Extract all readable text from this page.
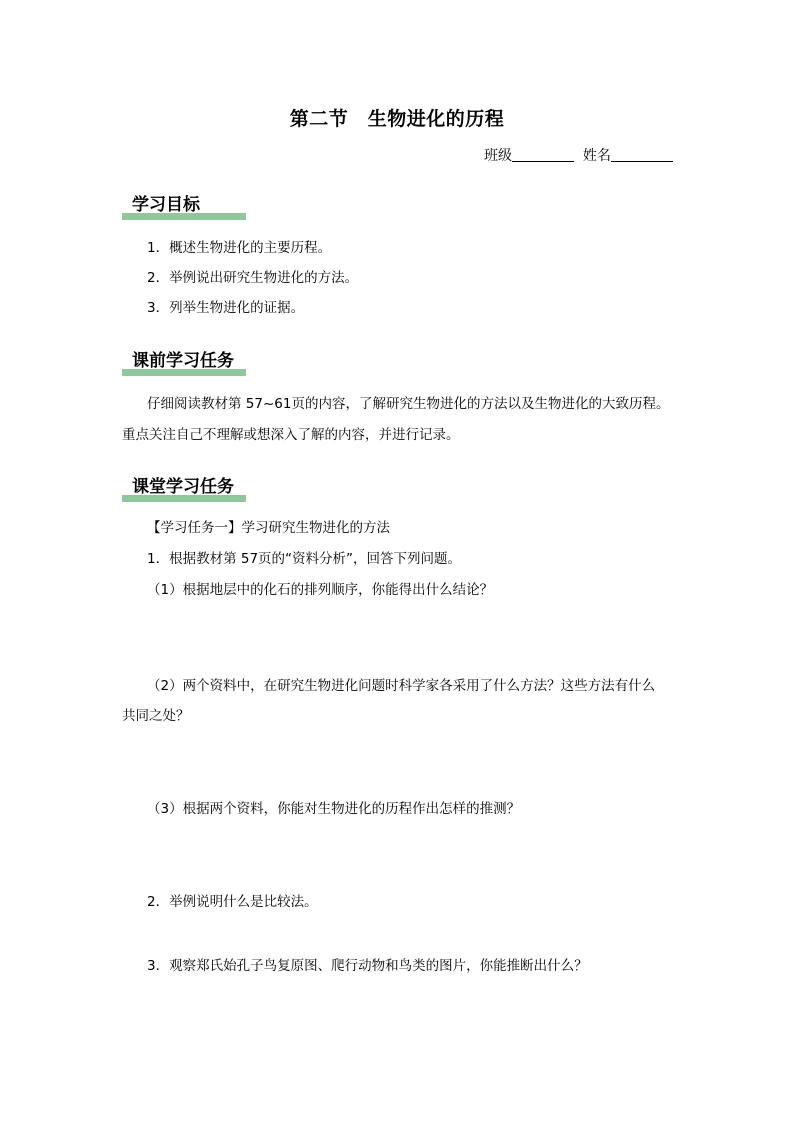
第二节　生物进化的历程
班级	姓名
学习目标
1．概述生物进化的主要历程。
2．举例说出研究生物进化的方法。
3．列举生物进化的证据。
课前学习任务
仔细阅读教材第 57~61页的内容，了解研究生物进化的方法以及生物进化的大致历程。
重点关注自己不理解或想深入了解的内容，并进行记录。
课堂学习任务
【学习任务一】学习研究生物进化的方法
1．根据教材第 57页的“资料分析”，回答下列问题。
（1）根据地层中的化石的排列顺序，你能得出什么结论？
（2）两个资料中，在研究生物进化问题时科学家各采用了什么方法？这些方法有什么
共同之处？
（3）根据两个资料，你能对生物进化的历程作出怎样的推测？
2．举例说明什么是比较法。
3．观察郑氏始孔子鸟复原图、爬行动物和鸟类的图片，你能推断出什么？
